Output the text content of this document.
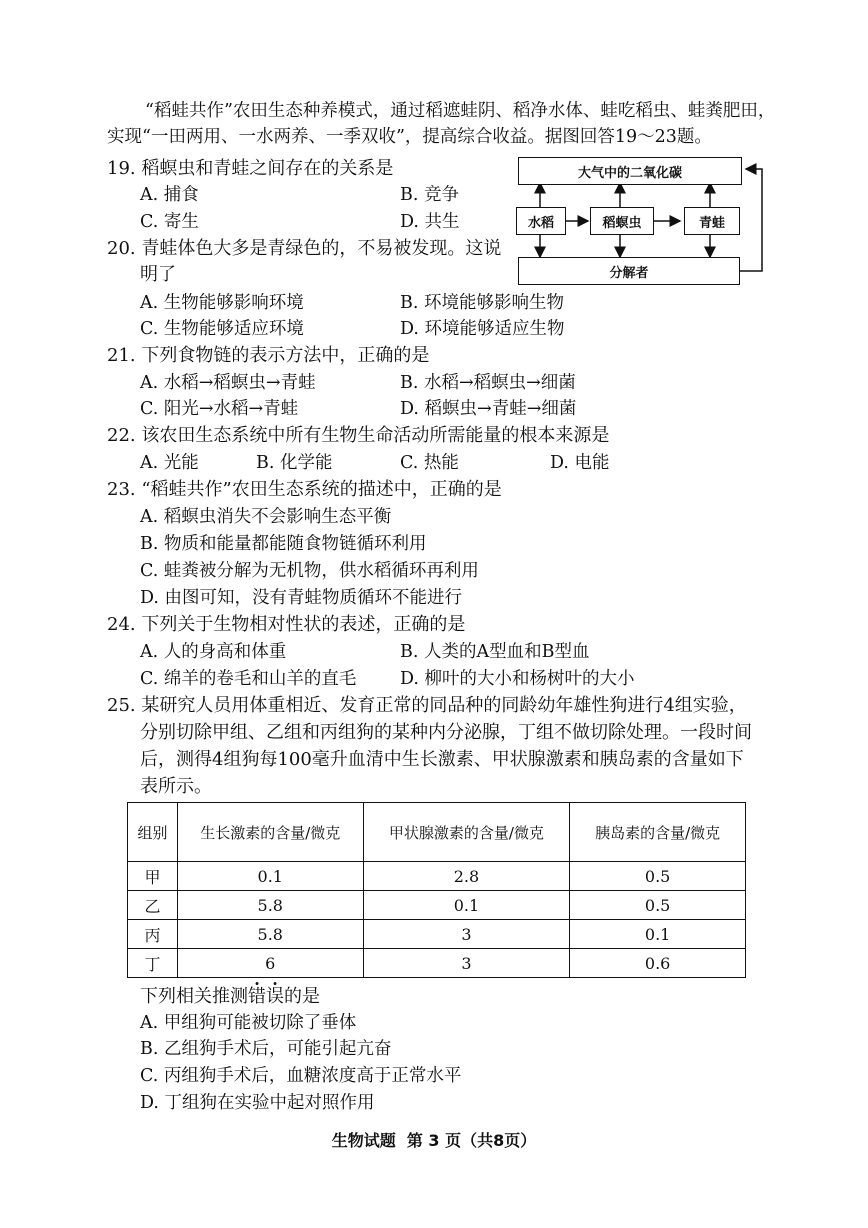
“稻蛙共作”农田生态种养模式，通过稻遮蛙阴、稻净水体、蛙吃稻虫、蛙粪肥田，
实现“一田两用、一水两养、一季双收”，提高综合收益。据图回答19～23题。
19. 稻螟虫和青蛙之间存在的关系是
A. 捕食	B. 竞争
C. 寄生	D. 共生
大气中的二氧化碳
水稻	稻螟虫	青蛙
分解者
20. 青蛙体色大多是青绿色的，不易被发现。这说
明了
A. 生物能够影响环境	B. 环境能够影响生物
C. 生物能够适应环境	D. 环境能够适应生物
21. 下列食物链的表示方法中，正确的是
A. 水稻→稻螟虫→青蛙	B. 水稻→稻螟虫→细菌
C. 阳光→水稻→青蛙	D. 稻螟虫→青蛙→细菌
22. 该农田生态系统中所有生物生命活动所需能量的根本来源是
A. 光能	B. 化学能	C. 热能	D. 电能
23. “稻蛙共作”农田生态系统的描述中，正确的是
A. 稻螟虫消失不会影响生态平衡
B. 物质和能量都能随食物链循环利用
C. 蛙粪被分解为无机物，供水稻循环再利用
D. 由图可知，没有青蛙物质循环不能进行
24. 下列关于生物相对性状的表述，正确的是
A. 人的身高和体重	B. 人类的A型血和B型血
C. 绵羊的卷毛和山羊的直毛 D. 柳叶的大小和杨树叶的大小
25. 某研究人员用体重相近、发育正常的同品种的同龄幼年雄性狗进行4组实验，
分别切除甲组、乙组和丙组狗的某种内分泌腺，丁组不做切除处理。一段时间
后，测得4组狗每100毫升血清中生长激素、甲状腺激素和胰岛素的含量如下
表所示。
组别	生长激素的含量/微克	甲状腺激素的含量/微克	胰岛素的含量/微克
甲	0.1	2.8	0.5
乙	5.8	0.1	0.5
丙	5.8	3	0.1
丁	6	3	0.6
下列相关推测错误的是
A. 甲组狗可能被切除了垂体
B. 乙组狗手术后，可能引起亢奋
C. 丙组狗手术后，血糖浓度高于正常水平
D. 丁组狗在实验中起对照作用
生物试题  第 3 页（共8页）
